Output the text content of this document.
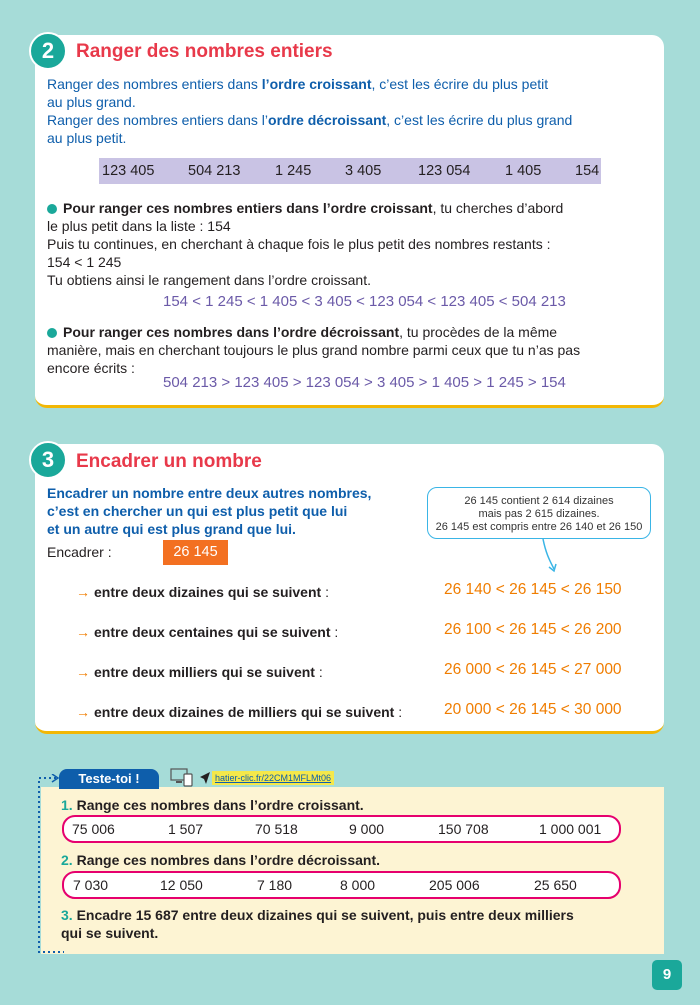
2	Ranger des nombres entiers
Ranger des nombres entiers dans l’ordre croissant, c’est les écrire du plus petit
au plus grand.
Ranger des nombres entiers dans l’ordre décroissant, c’est les écrire du plus grand
au plus petit.
123 405 504 213 1 245 3 405	123 054 1 405 154
Pour ranger ces nombres entiers dans l’ordre croissant, tu cherches d’abord
le plus petit dans la liste : 154
Puis tu continues, en cherchant à chaque fois le plus petit des nombres restants :
154 < 1 245
Tu obtiens ainsi le rangement dans l’ordre croissant.
154 < 1 245 < 1 405 < 3 405 < 123 054 < 123 405 < 504 213
Pour ranger ces nombres dans l’ordre décroissant, tu procèdes de la même
manière, mais en cherchant toujours le plus grand nombre parmi ceux que tu n’as pas
encore écrits :
504 213 > 123 405 > 123 054 > 3 405 > 1 405 > 1 245 > 154
3	Encadrer un nombre
Encadrer un nombre entre deux autres nombres,
c’est en chercher un qui est plus petit que lui
et un autre qui est plus grand que lui.
Encadrer :	26 145
26 145 contient 2 614 dizaines
mais pas 2 615 dizaines.
26 145 est compris entre 26 140 et 26 150
→ entre deux dizaines qui se suivent :	26 140 < 26 145 < 26 150
→ entre deux centaines qui se suivent :	26 100 < 26 145 < 26 200
→ entre deux milliers qui se suivent :	26 000 < 26 145 < 27 000
→ entre deux dizaines de milliers qui se suivent :	20 000 < 26 145 < 30 000
Teste-toi !	hatier-clic.fr/22CM1MFLMt06
1. Range ces nombres dans l’ordre croissant.
75 006	1 507	70 518	9 000	150 708	1 000 001
2. Range ces nombres dans l’ordre décroissant.
7 030	12 050	7 180	8 000	205 006	25 650
3. Encadre 15 687 entre deux dizaines qui se suivent, puis entre deux milliers
qui se suivent.
9
